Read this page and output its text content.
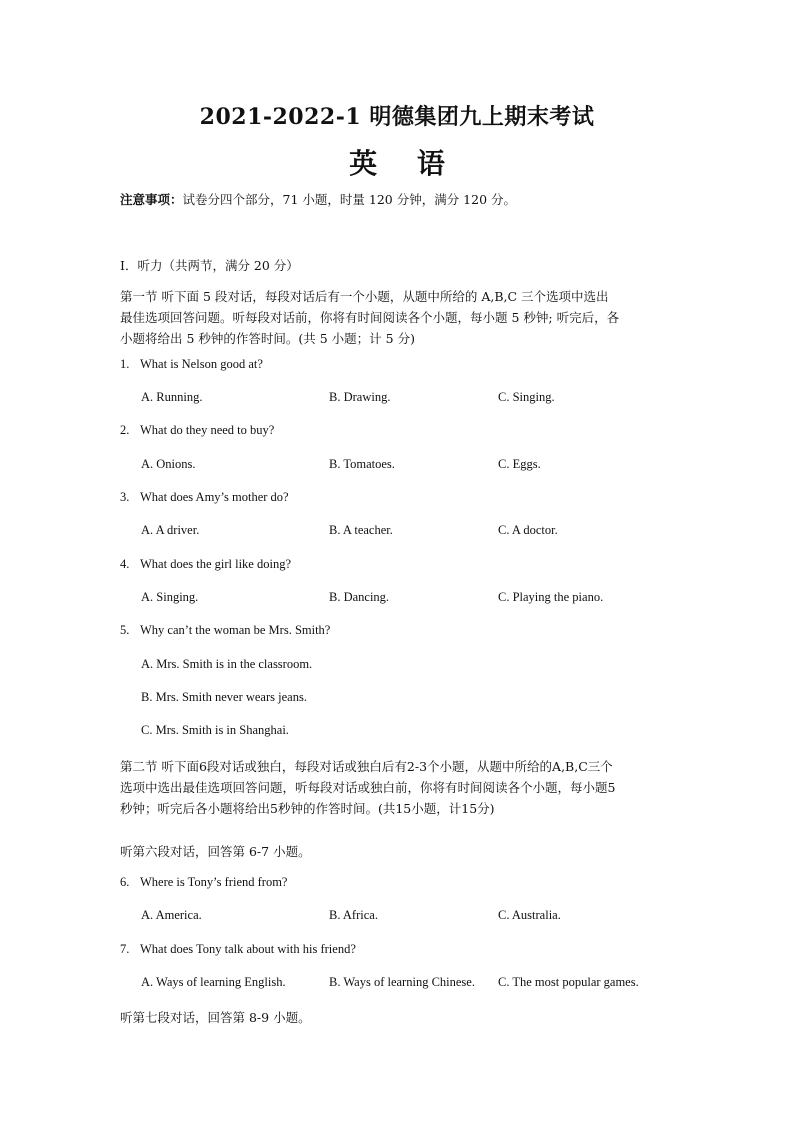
2021-2022-1 明德集团九上期末考试
英 语
注意事项：试卷分四个部分，71 小题，时量 120 分钟，满分 120 分。
I．听力（共两节，满分 20 分）
第一节 听下面 5 段对话，每段对话后有一个小题，从题中所给的 A,B,C 三个选项中选出
最佳选项回答问题。听每段对话前，你将有时间阅读各个小题，每小题 5 秒钟; 听完后，各
小题将给出 5 秒钟的作答时间。(共 5 小题；计 5 分)
1. What is Nelson good at?
A. Running.	B. Drawing.	C. Singing.
2. What do they need to buy?
A. Onions.	B. Tomatoes.	C. Eggs.
3. What does Amy’s mother do?
A. A driver.	B. A teacher.	C. A doctor.
4. What does the girl like doing?
A. Singing.	B. Dancing.	C. Playing the piano.
5. Why can’t the woman be Mrs. Smith?
A. Mrs. Smith is in the classroom.
B. Mrs. Smith never wears jeans.
C. Mrs. Smith is in Shanghai.
第二节 听下面6段对话或独白，每段对话或独白后有2-3个小题，从题中所给的A,B,C三个
选项中选出最佳选项回答问题，听每段对话或独白前，你将有时间阅读各个小题，每小题5
秒钟；听完后各小题将给出5秒钟的作答时间。(共15小题，计15分)
听第六段对话，回答第 6-7 小题。
6. Where is Tony’s friend from?
A. America.	B. Africa.	C. Australia.
7. What does Tony talk about with his friend?
A. Ways of learning English.	B. Ways of learning Chinese. C. The most popular games.
听第七段对话，回答第 8-9 小题。
